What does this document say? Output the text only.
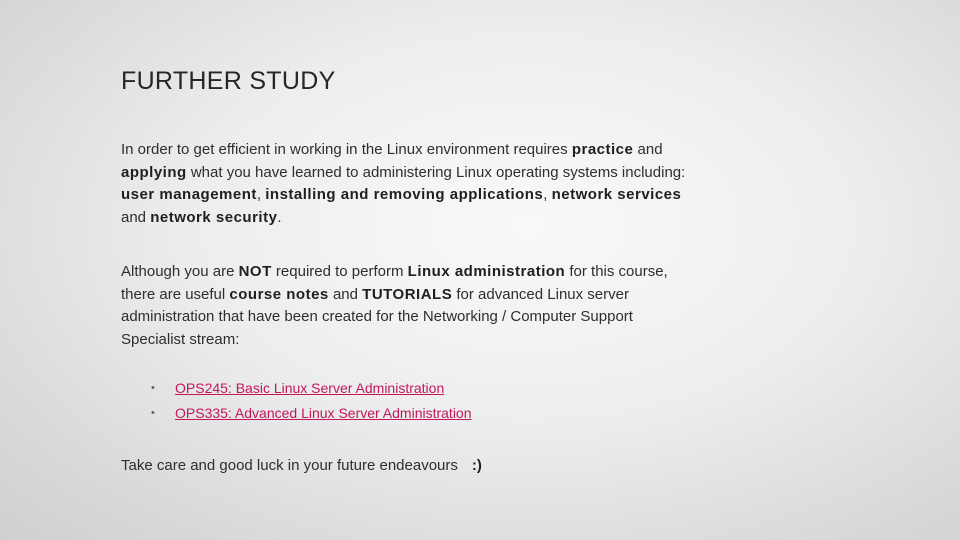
FURTHER STUDY
In order to get efficient in working in the Linux environment requires practice and applying what you have learned to administering Linux operating systems including: user management, installing and removing applications, network services and network security.
Although you are NOT required to perform Linux administration for this course, there are useful course notes and TUTORIALS for advanced Linux server administration that have been created for the Networking / Computer Support Specialist stream:
• OPS245: Basic Linux Server Administration
• OPS335: Advanced Linux Server Administration
Take care and good luck in your future endeavours :)
